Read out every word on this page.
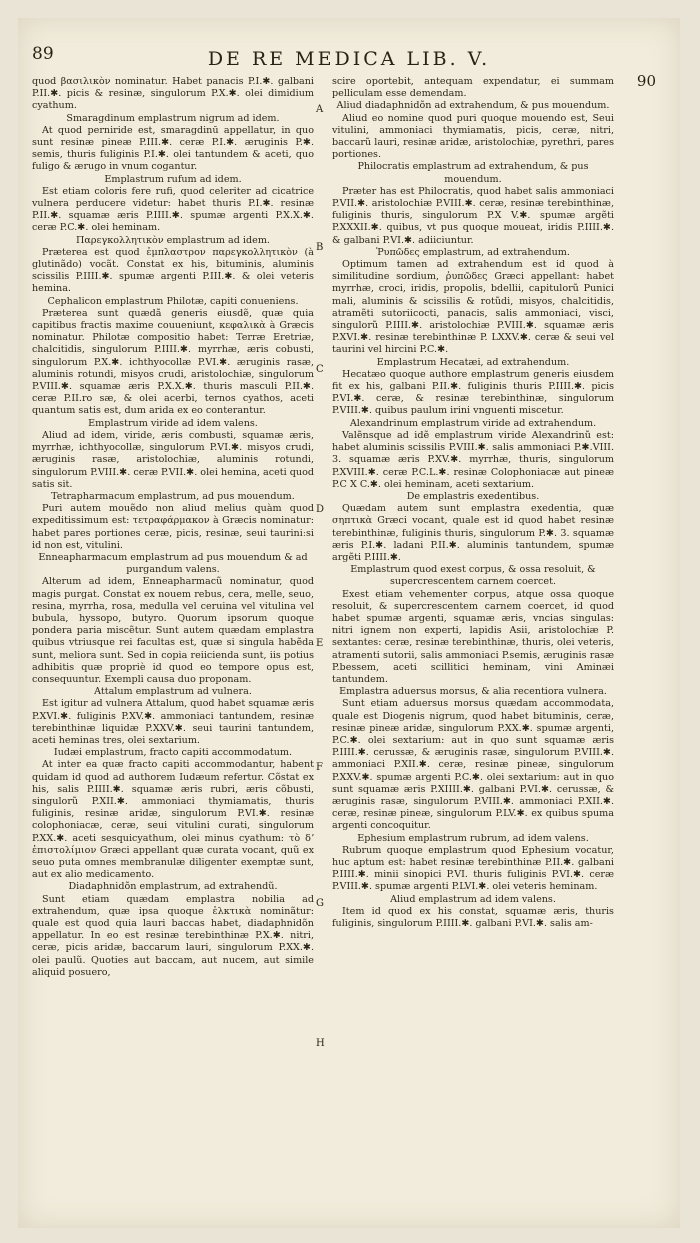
89	DE RE MEDICA LIB. V.
90

quod βασιλικὸν nominatur. Habet panacis P.I.✱. galbani P.II.✱. picis & resinæ, singulorum P.X.✱. olei dimidium cyathum.

Smaragdinum emplastrum nigrum ad idem.

At quod perniride est, smaragdinū appellatur, in quo sunt resinæ pineæ P.III.✱. ceræ P.I.✱. æruginis P.✱. semis, thuris fuliginis P.I.✱. olei tantundem & aceti, quo fuligo & ærugo in vnum cogantur.

Emplastrum rufum ad idem.

Est etiam coloris fere rufi, quod celeriter ad cicatrice vulnera perducere videtur: habet thuris P.I.✱. resinæ P.II.✱. squamæ æris P.IIII.✱. spumæ argenti P.X.X.✱. ceræ P.C.✱. olei heminam.

Παρεγκολλητικὸν emplastrum ad idem.

Præterea est quod ἐμπλαστρον παρεγκολλητικὸν (à glutinãdo) vocãt. Constat ex his, bituminis, aluminis scissilis P.IIII.✱. spumæ argenti P.III.✱. & olei veteris hemina.

Cephalicon emplastrum Philotæ, capiti conueniens.

Præterea sunt quædã generis eiusdẽ, quæ quia capitibus fractis maxime couueniunt, κεφαλικὰ à Græcis nominatur. Philotæ compositio habet: Terræ Eretriæ, chalcitidis, singulorum P.IIII.✱. myrrhæ, æris cobusti, singulorum P.X.✱. ichthyocollæ P.VI.✱. æruginis rasæ, aluminis rotundi, misyos crudi, aristolochiæ, singulorum P.VIII.✱. squamæ æris P.X.X.✱. thuris masculi P.II.✱. ceræ P.II.ro sæ, & olei acerbi, ternos cyathos, aceti quantum satis est, dum arida ex eo conterantur.

Emplastrum viride ad idem valens.

Aliud ad idem, viride, æris combusti, squamæ æris, myrrhæ, ichthyocollæ, singulorum P.VI.✱. misyos crudi, æruginis rasæ, aristolochiæ, aluminis rotundi, singulorum P.VIII.✱. ceræ P.VII.✱. olei hemina, aceti quod satis sit.

Tetrapharmacum emplastrum, ad pus mouendum.

Puri autem mouẽdo non aliud melius quàm quod expeditissimum est: τετραφάρμακον à Græcis nominatur: habet pares portiones ceræ, picis, resinæ, seui tauriniːsi id non est, vitulini.

Enneapharmacum emplastrum ad pus mouendum & ad purgandum valens.

Alterum ad idem, Enneapharmacũ nominatur, quod magis purgat. Constat ex nouem rebus, cera, melle, seuo, resina, myrrha, rosa, medulla vel ceruina vel vitulina vel bubula, hyssopo, butyro. Quorum ipsorum quoque pondera paria miscẽtur. Sunt autem quædam emplastra quibus vtriusque rei facultas est, quæ si singula habẽda sunt, meliora sunt. Sed in copia reiicienda sunt, iis potius adhibitis quæ propriè id quod eo tempore opus est, consequuntur. Exempli causa duo proponam.

Attalum emplastrum ad vulnera.

Est igitur ad vulnera Attalum, quod habet squamæ æris P.XVI.✱. fuliginis P.XV.✱. ammoniaci tantundem, resinæ terebinthinæ liquidæ P.XXV.✱. seui taurini tantundem, aceti heminas tres, olei sextarium.

Iudæi emplastrum, fracto capiti accommodatum.

At inter ea quæ fracto capiti accommodantur, habent quidam id quod ad authorem Iudæum refertur. Cõstat ex his, salis P.IIII.✱. squamæ æris rubri, æris cõbusti, singulorũ P.XII.✱. ammoniaci thymiamatis, thuris fuliginis, resinæ aridæ, singulorum P.VI.✱. resinæ colophoniacæ, ceræ, seui vitulini curati, singulorum P.XX.✱. aceti sesquicyathum, olei minus cyathum: τὸ δʼ ἐπιστολίμιον Græci appellant quæ curata vocant, quũ ex seuo puta omnes membranulæ diligenter exemptæ sunt, aut ex alio medicamento.

Diadaphnidõn emplastrum, ad extrahendũ.

Sunt etiam quædam emplastra nobilia ad extrahendum, quæ ipsa quoque ἑλκτικὰ nominãtur: quale est quod quia lauri baccas habet, diadaphnidõn appellatur. In eo est resinæ terebinthinæ P.X.✱. nitri, ceræ, picis aridæ, baccarum lauri, singulorum P.XX.✱. olei paulũ. Quoties aut baccam, aut nucem, aut simile aliquid posuero,

scire oportebit, antequam expendatur, ei summam pelliculam esse demendam.

Aliud diadaphnidõn ad extrahendum, & pus mouendum.

Aliud eo nomine quod puri quoque mouendo est, Seui vitulini, ammoniaci thymiamatis, picis, ceræ, nitri, baccarũ lauri, resinæ aridæ, aristolochiæ, pyrethri, pares portiones.

Philocratis emplastrum ad extrahendum, & pus mouendum.

Præter has est Philocratis, quod habet salis ammoniaci P.VII.✱. aristolochiæ P.VIII.✱. ceræ, resinæ terebinthinæ, fuliginis thuris, singulorum P.X V.✱. spumæ argẽti P.XXXII.✱. quibus, vt pus quoque moueat, iridis P.IIII.✱. & galbani P.VI.✱. adiiciuntur.

Ῥυπῶδες emplastrum, ad extrahendum.

Optimum tamen ad extrahendum est id quod à similitudine sordium, ῥυπῶδες Græci appellant: habet myrrhæ, croci, iridis, propolis, bdellii, capitulorũ Punici mali, aluminis & scissilis & rotũdi, misyos, chalcitidis, atramẽti sutoriicocti, panacis, salis ammoniaci, visci, singulorũ P.IIII.✱. aristolochiæ P.VIII.✱. squamæ æris P.XVI.✱. resinæ terebinthinæ P. LXXV.✱. ceræ & seui vel taurini vel hircini P.C.✱.

Emplastrum Hecatæi, ad extrahendum.

Hecatæo quoque authore emplastrum generis eiusdem fit ex his, galbani P.II.✱. fuliginis thuris P.IIII.✱. picis P.VI.✱. ceræ, & resinæ terebinthinæ, singulorum P.VIII.✱. quibus paulum irini vnguenti miscetur.

Alexandrinum emplastrum viride ad extrahendum.

Valẽnsque ad idẽ emplastrum viride Alexandrinũ est: habet aluminis scissilis P.VIII.✱. salis ammoniaci P.✱.VIII. 3. squamæ æris P.XV.✱. myrrhæ, thuris, singulorum P.XVIII.✱. ceræ P.C.L.✱. resinæ Colophoniacæ aut pineæ P.C X C.✱. olei heminam, aceti sextarium.

De emplastris exedentibus.

Quædam autem sunt emplastra exedentia, quæ σηπτικὰ Græci vocant, quale est id quod habet resinæ terebinthinæ, fuliginis thuris, singulorum P.✱. 3. squamæ æris P.I.✱. ladani P.II.✱. aluminis tantundem, spumæ argẽti P.IIII.✱.

Emplastrum quod exest corpus, & ossa resoluit, & supercrescentem carnem coercet.

Exest etiam vehementer corpus, atque ossa quoque resoluit, & supercrescentem carnem coercet, id quod habet spumæ argenti, squamæ æris, vncias singulas: nitri ignem non experti, lapidis Asii, aristolochiæ P. sextantes: ceræ, resinæ terebinthinæ, thuris, olei veteris, atramenti sutorii, salis ammoniaci P.semis, æruginis rasæ P.bessem, aceti scillitici heminam, vini Aminæi tantundem.

Emplastra aduersus morsus, & alia recentiora vulnera.

Sunt etiam aduersus morsus quædam accommodata, quale est Diogenis nigrum, quod habet bituminis, ceræ, resinæ pineæ aridæ, singulorum P.XX.✱. spumæ argenti, P.C.✱. olei sextarium: aut in quo sunt squamæ æris P.IIII.✱. cerussæ, & æruginis rasæ, singulorum P.VIII.✱. ammoniaci P.XII.✱. ceræ, resinæ pineæ, singulorum P.XXV.✱. spumæ argenti P.C.✱. olei sextarium: aut in quo sunt squamæ æris P.XIIII.✱. galbani P.VI.✱. cerussæ, & æruginis rasæ, singulorum P.VIII.✱. ammoniaci P.XII.✱. ceræ, resinæ pineæ, singulorum P.LV.✱. ex quibus spuma argenti concoquitur.

Ephesium emplastrum rubrum, ad idem valens.

Rubrum quoque emplastrum quod Ephesium vocatur, huc aptum est: habet resinæ terebinthinæ P.II.✱. galbani P.IIII.✱. minii sinopici P.VI. thuris fuliginis P.VI.✱. ceræ P.VIII.✱. spumæ argenti P.LVI.✱. olei veteris heminam.

Aliud emplastrum ad idem valens.

Item id quod ex his constat, squamæ æris, thuris fuliginis, singulorum P.IIII.✱. galbani P.VI.✱. salis am-

A
B
C
D
E
F
G
H
